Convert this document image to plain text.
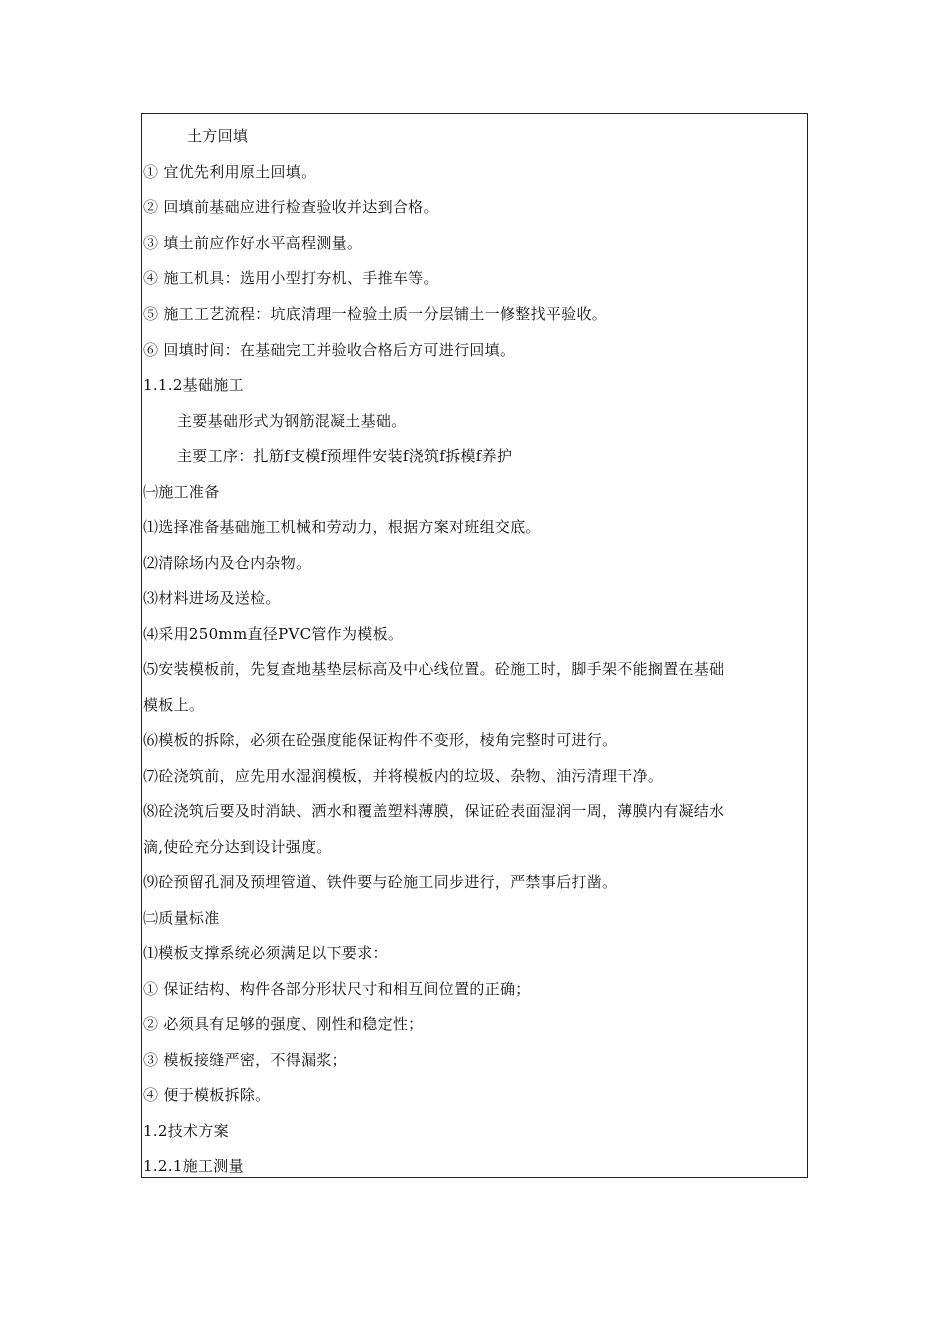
土方回填
① 宜优先利用原土回填。
② 回填前基础应进行检查验收并达到合格。
③ 填土前应作好水平高程测量。
④ 施工机具：选用小型打夯机、手推车等。
⑤ 施工工艺流程：坑底清理一检验土质一分层铺土一修整找平验收。
⑥ 回填时间：在基础完工并验收合格后方可进行回填。
1.1.2基础施工
主要基础形式为钢筋混凝土基础。
主要工序：扎筋f支模f预埋件安装f浇筑f拆模f养护
㈠施工准备
⑴选择准备基础施工机械和劳动力，根据方案对班组交底。
⑵清除场内及仓内杂物。
⑶材料进场及送检。
⑷采用250mm直径PVC管作为模板。
⑸安装模板前，先复查地基垫层标高及中心线位置。砼施工时，脚手架不能搁置在基础
模板上。
⑹模板的拆除，必须在砼强度能保证构件不变形，棱角完整时可进行。
⑺砼浇筑前，应先用水湿润模板，并将模板内的垃圾、杂物、油污清理干净。
⑻砼浇筑后要及时消缺、洒水和覆盖塑料薄膜，保证砼表面湿润一周，薄膜内有凝结水
滴,使砼充分达到设计强度。
⑼砼预留孔洞及预埋管道、铁件要与砼施工同步进行，严禁事后打凿。
㈡质量标准
⑴模板支撑系统必须满足以下要求：
① 保证结构、构件各部分形状尺寸和相互间位置的正确；
② 必须具有足够的强度、刚性和稳定性；
③ 模板接缝严密，不得漏浆；
④ 便于模板拆除。
1.2技术方案
1.2.1施工测量
